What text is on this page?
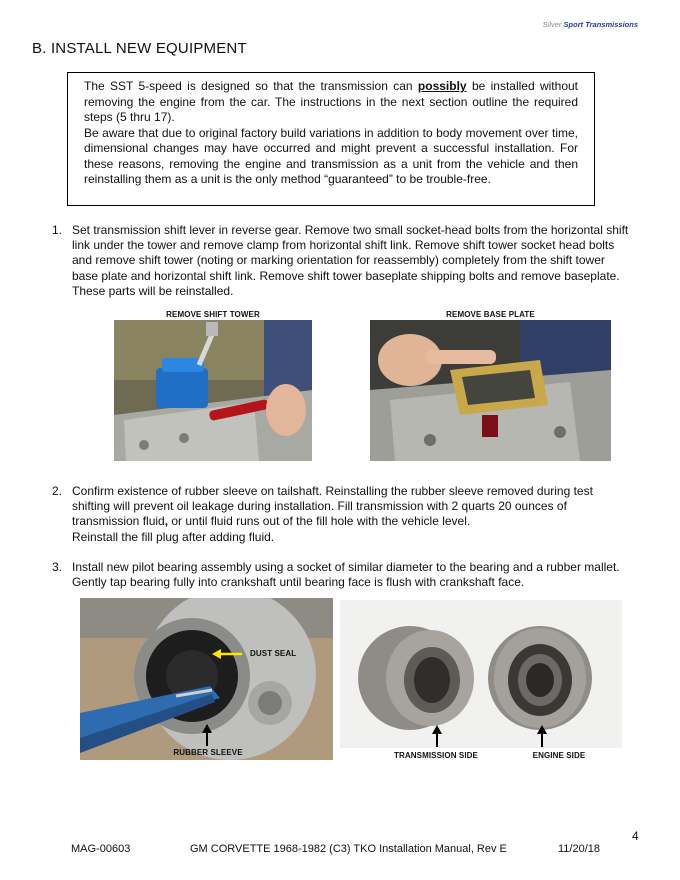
Silver Sport Transmissions
B. INSTALL NEW EQUIPMENT

The SST 5-speed is designed so that the transmission can possibly be installed without removing the engine from the car. The instructions in the next section outline the required steps (5 thru 17).

Be aware that due to original factory build variations in addition to body movement over time, dimensional changes may have occurred and might prevent a successful installation. For these reasons, removing the engine and transmission as a unit from the vehicle and then reinstalling them as a unit is the only method “guaranteed” to be trouble-free.

1. Set transmission shift lever in reverse gear. Remove two small socket-head bolts from the horizontal shift link under the tower and remove clamp from horizontal shift link. Remove shift tower socket head bolts and remove shift tower (noting or marking orientation for reassembly) completely from the shift tower base plate and horizontal shift link. Remove shift tower baseplate shipping bolts and remove baseplate. These parts will be reinstalled.
REMOVE SHIFT TOWER	REMOVE BASE PLATE
2. Confirm existence of rubber sleeve on tailshaft. Reinstalling the rubber sleeve removed during test shifting will prevent oil leakage during installation. Fill transmission with 2 quarts 20 ounces of transmission fluid, or until fluid runs out of the fill hole with the vehicle level.
Reinstall the fill plug after adding fluid.
3. Install new pilot bearing assembly using a socket of similar diameter to the bearing and a rubber mallet. Gently tap bearing fully into crankshaft until bearing face is flush with crankshaft face.
DUST SEAL
RUBBER SLEEVE	TRANSMISSION SIDE	ENGINE SIDE
4
MAG-00603	GM CORVETTE 1968-1982 (C3) TKO Installation Manual, Rev E	11/20/18
